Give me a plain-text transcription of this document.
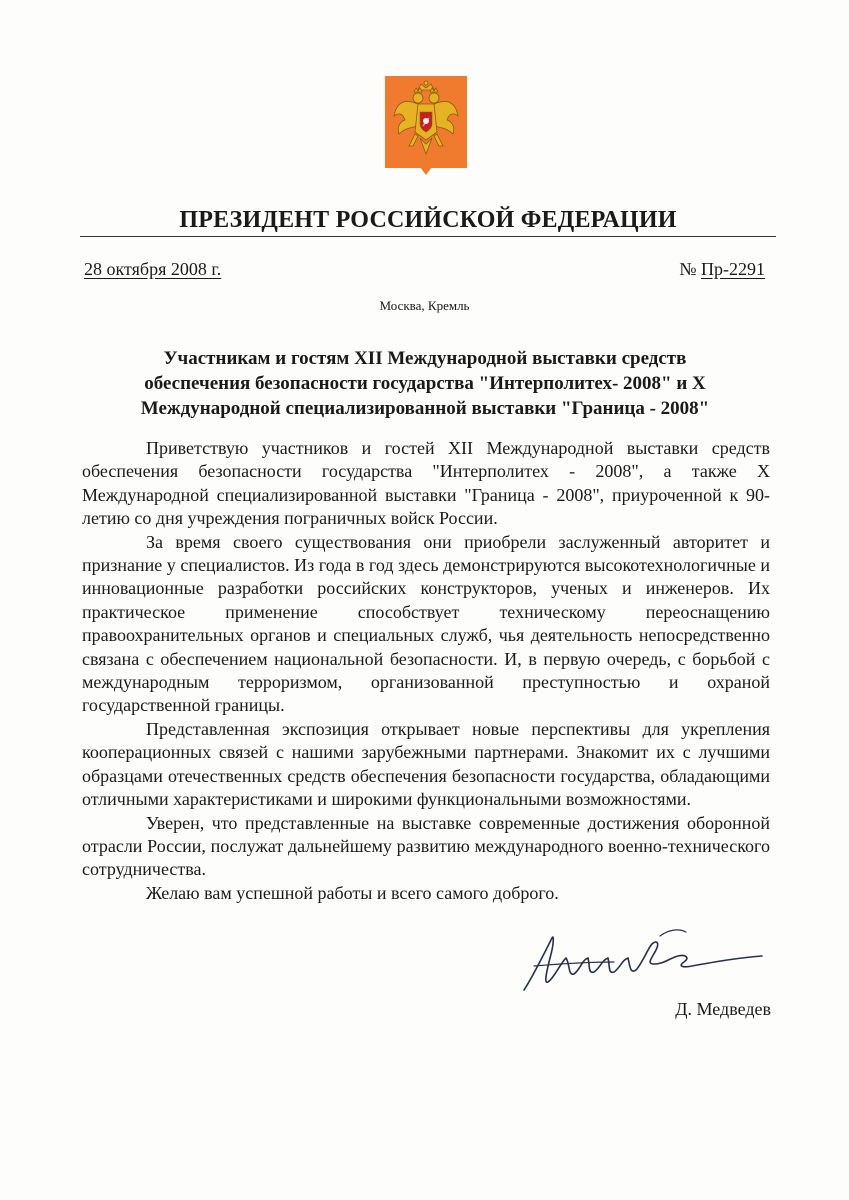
ПРЕЗИДЕНТ РОССИЙСКОЙ ФЕДЕРАЦИИ
28 октября 2008 г.	№ Пр-2291
Москва, Кремль
Участникам и гостям XII Международной выставки средств
обеспечения безопасности государства "Интерполитех- 2008" и X
Международной специализированной выставки "Граница - 2008"

Приветствую участников и гостей XII Международной выставки средств обеспечения безопасности государства "Интерполитех - 2008", а также X Международной специализированной выставки "Граница - 2008", приуроченной к 90-летию со дня учреждения пограничных войск России.

За время своего существования они приобрели заслуженный авторитет и признание у специалистов. Из года в год здесь демонстрируются высокотехнологичные и инновационные разработки российских конструкторов, ученых и инженеров. Их практическое применение способствует техническому переоснащению правоохранительных органов и специальных служб, чья деятельность непосредственно связана с обеспечением национальной безопасности. И, в первую очередь, с борьбой с международным терроризмом, организованной преступностью и охраной государственной границы.

Представленная экспозиция открывает новые перспективы для укрепления кооперационных связей с нашими зарубежными партнерами. Знакомит их с лучшими образцами отечественных средств обеспечения безопасности государства, обладающими отличными характеристиками и широкими функциональными возможностями.

Уверен, что представленные на выставке современные достижения оборонной отрасли России, послужат дальнейшему развитию международного военно-технического сотрудничества.

Желаю вам успешной работы и всего самого доброго.

Д. Медведев
